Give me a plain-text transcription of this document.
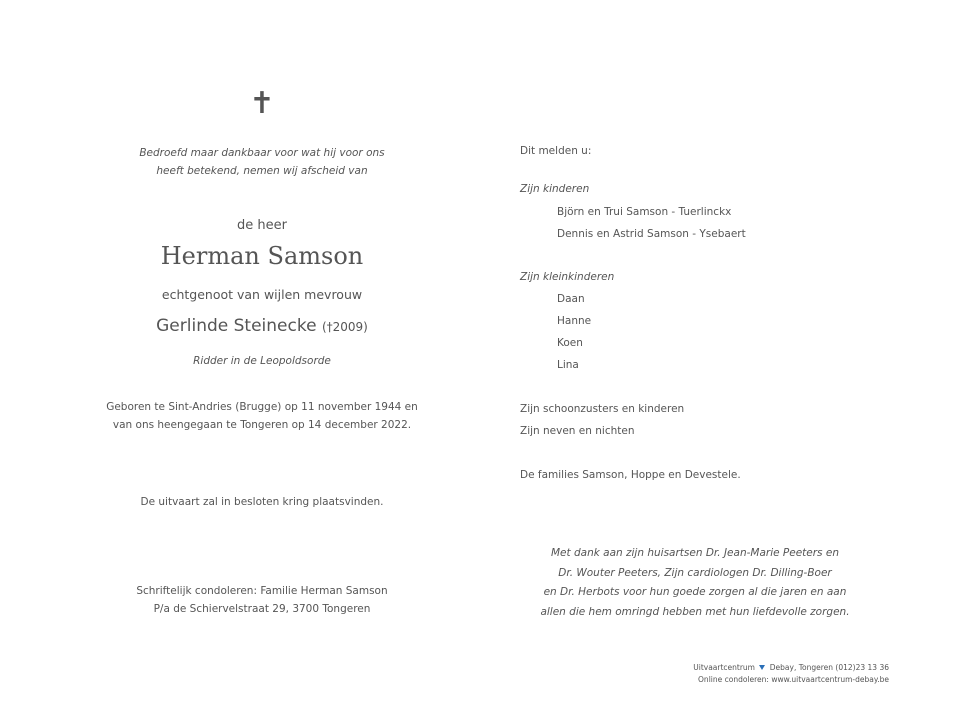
✝
Bedroefd maar dankbaar voor wat hij voor ons
heeft betekend, nemen wij afscheid van
de heer
Herman Samson
echtgenoot van wijlen mevrouw
Gerlinde Steinecke (†2009)
Ridder in de Leopoldsorde
Geboren te Sint-Andries (Brugge) op 11 november 1944 en
van ons heengegaan te Tongeren op 14 december 2022.
De uitvaart zal in besloten kring plaatsvinden.
Schriftelijk condoleren: Familie Herman Samson
P/a de Schiervelstraat 29, 3700 Tongeren
Dit melden u:
Zijn kinderen
Björn en Trui Samson - Tuerlinckx
Dennis en Astrid Samson - Ysebaert
Zijn kleinkinderen
Daan
Hanne
Koen
Lina
Zijn schoonzusters en kinderen
Zijn neven en nichten
De families Samson, Hoppe en Devestele.
Met dank aan zijn huisartsen Dr. Jean-Marie Peeters en
Dr. Wouter Peeters, Zijn cardiologen Dr. Dilling-Boer
en Dr. Herbots voor hun goede zorgen al die jaren en aan
allen die hem omringd hebben met hun liefdevolle zorgen.
Uitvaartcentrum Debay, Tongeren (012)23 13 36
Online condoleren: www.uitvaartcentrum-debay.be
